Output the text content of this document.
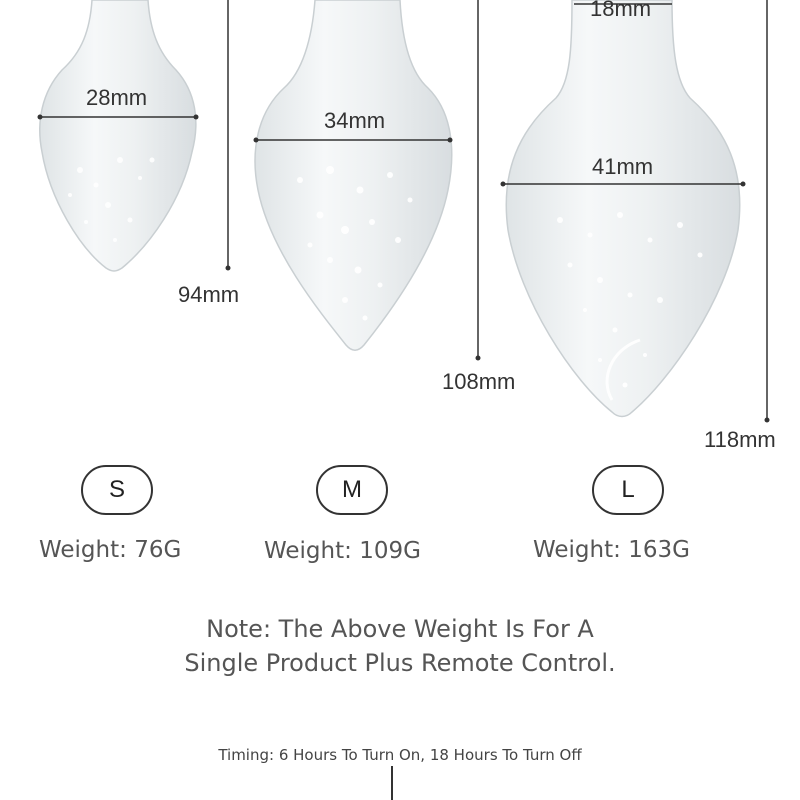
28mm
94mm
34mm
108mm
18mm
41mm
118mm
S	M	L
Weight: 76G	Weight: 109G	Weight: 163G
Note: The Above Weight Is For A
Single Product Plus Remote Control.
Timing: 6 Hours To Turn On, 18 Hours To Turn Off
